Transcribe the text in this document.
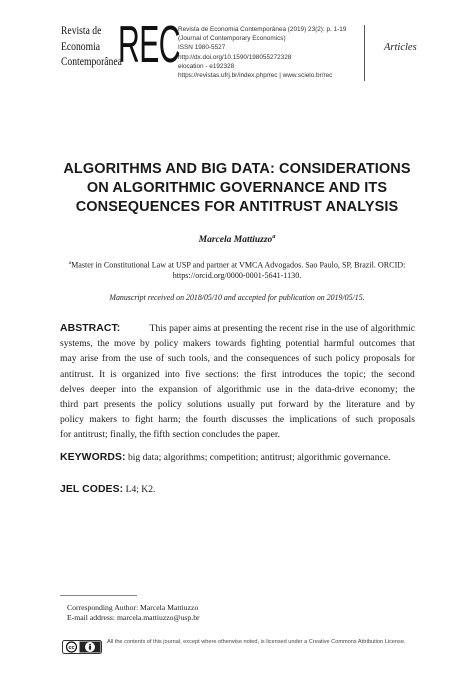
Revista de
Economia
Contemporânea
REC
Revista de Economia Contemporânea (2019) 23(2): p. 1-19
(Journal of Contemporary Economics)
ISSN 1980-5527
http://dx.doi.org/10.1590/198055272328
elocation - e192328
https://revistas.ufrj.br/index.php/rec | www.scielo.br/rec
Articles
ALGORITHMS AND BIG DATA: CONSIDERATIONS
ON ALGORITHMIC GOVERNANCE AND ITS
CONSEQUENCES FOR ANTITRUST ANALYSIS
Marcela Mattiuzzo$^a$
$^a$Master in Constitutional Law at USP and partner at VMCA Advogados. Sao Paulo, SP, Brazil. ORCID:
https://orcid.org/0000-0001-5641-1130.
Manuscript received on 2018/05/10 and accepted for publication on 2019/05/15.
ABSTRACT:	This paper aims at presenting the recent rise in the use of algorithmic
systems, the move by policy makers towards fighting potential harmful outcomes that
may arise from the use of such tools, and the consequences of such policy proposals for
antitrust. It is organized into five sections: the first introduces the topic; the second
delves deeper into the expansion of algorithmic use in the data-drive economy; the
third part presents the policy solutions usually put forward by the literature and by
policy makers to fight harm; the fourth discusses the implications of such proposals
for antitrust; finally, the fifth section concludes the paper.
KEYWORDS: big data; algorithms; competition; antitrust; algorithmic governance.
JEL CODES: L4; K2.
Corresponding Author: Marcela Mattiuzzo
E-mail address: marcela.mattiuzzo@usp.br
cc
All the contents of this journal, except where otherwise noted, is licensed under a Creative Commons Attribution License.
